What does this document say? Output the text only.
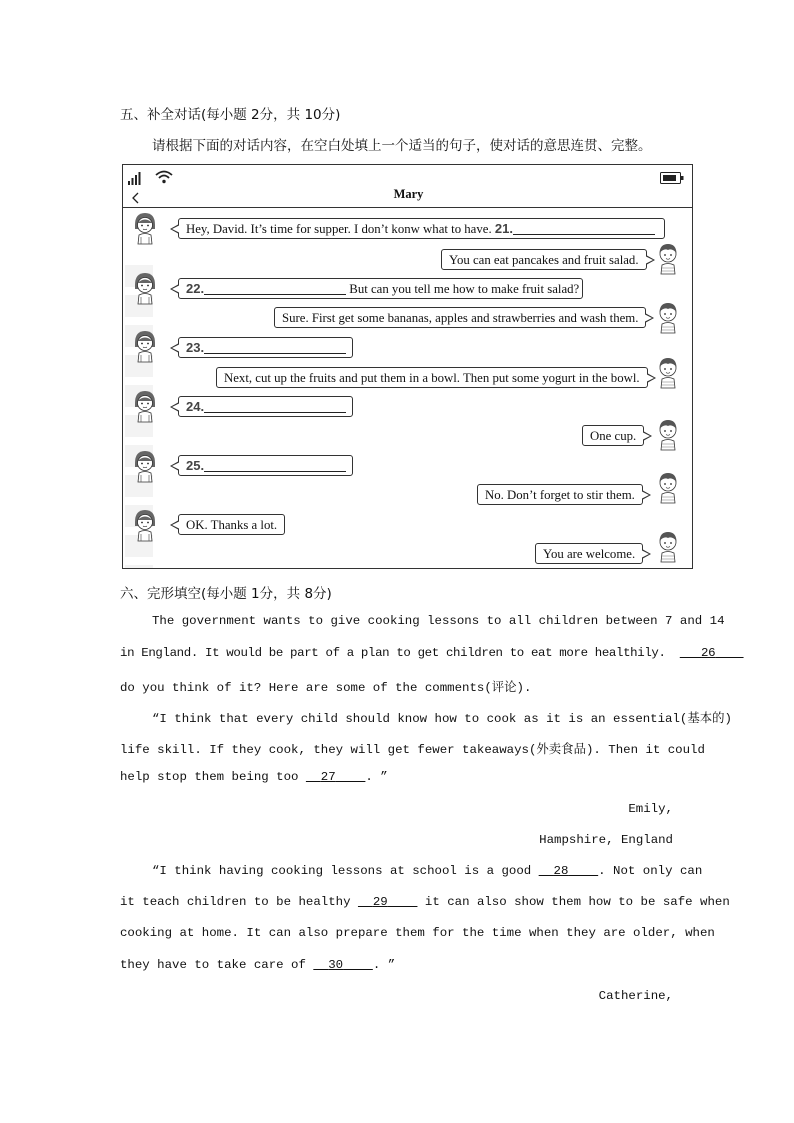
五、补全对话(每小题 2分，共 10分)
请根据下面的对话内容，在空白处填上一个适当的句子，使对话的意思连贯、完整。
Mary
Hey, David. It’s time for supper. I don’t konw what to have. 21.
You can eat pancakes and fruit salad.
22.	But can you tell me how to make fruit salad?
Sure. First get some bananas, apples and strawberries and wash them.
23.
Next, cut up the fruits and put them in a bowl. Then put some yogurt in the bowl.
24.
One cup.
25.
No. Don’t forget to stir them.
OK. Thanks a lot.
You are welcome.
六、完形填空(每小题 1分，共 8分)
The government wants to give cooking lessons to all children between 7 and 14
in England. It would be part of a plan to get children to eat more healthily.	26
do you think of it? Here are some of the comments(评论).
“I think that every child should know how to cook as it is an essential(基本的)
life skill. If they cook, they will get fewer takeaways(外卖食品). Then it could
help stop them being too 27 . ”
Emily,
Hampshire, England
“I think having cooking lessons at school is a good 28 . Not only can
it teach children to be healthy 29	it can also show them how to be safe when
cooking at home. It can also prepare them for the time when they are older, when
they have to take care of 30 . ”
Catherine,
